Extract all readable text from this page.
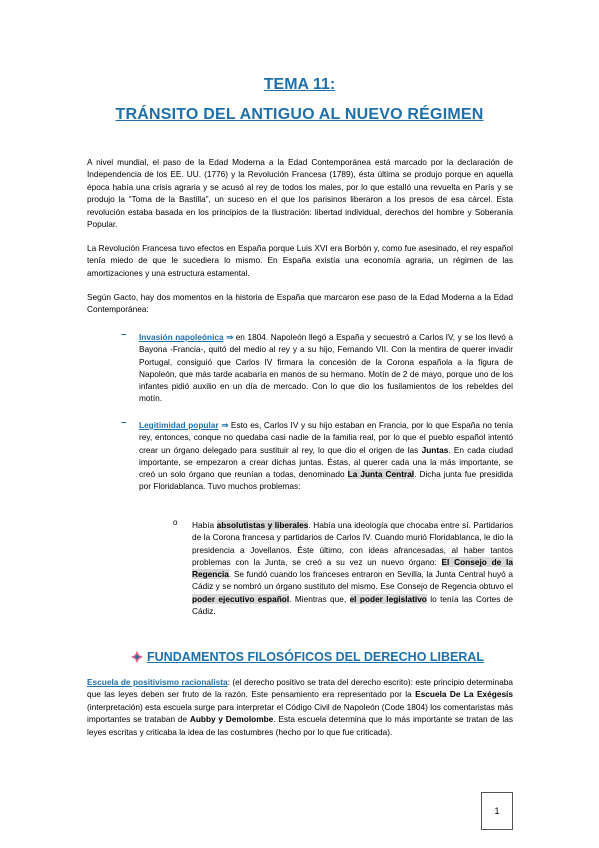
TEMA 11:
TRÁNSITO DEL ANTIGUO AL NUEVO RÉGIMEN
A nivel mundial, el paso de la Edad Moderna a la Edad Contemporánea está marcado por la declaración de Independencia de los EE. UU. (1776) y la Revolución Francesa (1789), ésta última se produjo porque en aquella época había una crisis agraria y se acusó al rey de todos los males, por lo que estalló una revuelta en París y se produjo la “Toma de la Bastilla”, un suceso en el que los parisinos liberaron a los presos de esa cárcel. Esta revolución estaba basada en los principios de la Ilustración: libertad individual, derechos del hombre y Soberanía Popular.
La Revolución Francesa tuvo efectos en España porque Luis XVI era Borbón y, como fue asesinado, el rey español tenía miedo de que le sucediera lo mismo. En España existía una economía agraria, un régimen de las amortizaciones y una estructura estamental.
Según Gacto, hay dos momentos en la historia de España que marcaron ese paso de la Edad Moderna a la Edad Contemporánea:
– Invasión napoleónica ⇒ en 1804. Napoleón llegó a España y secuestró a Carlos IV, y se los llevó a Bayona -Francia-, quitó del medio al rey y a su hijo, Fernando VII. Con la mentira de querer invadir Portugal, consiguió que Carlos IV firmara la concesión de la Corona española a la figura de Napoleón, que más tarde acabaría en manos de su hermano. Motín de 2 de mayo, porque uno de los infantes pidió auxilio en un día de mercado. Con lo que dio los fusilamientos de los rebeldes del motín.
– Legitimidad popular ⇒ Esto es, Carlos IV y su hijo estaban en Francia, por lo que España no tenía rey, entonces, conque no quedaba casi nadie de la familia real, por lo que el pueblo español intentó crear un órgano delegado para sustituir al rey, lo que dio el origen de las Juntas. En cada ciudad importante, se empezaron a crear dichas juntas. Éstas, al querer cada una la más importante, se creó un solo órgano que reunían a todas, denominado La Junta Central. Dicha junta fue presidida por Floridablanca. Tuvo muchos problemas:
o Había absolutistas y liberales. Había una ideología que chocaba entre sí. Partidarios de la Corona francesa y partidarios de Carlos IV. Cuando murió Floridablanca, le dio la presidencia a Jovellanos. Éste último, con ideas afrancesadas, al haber tantos problemas con la Junta, se creó a su vez un nuevo órgano: El Consejo de la Regencia. Se fundó cuando los franceses entraron en Sevilla, la Junta Central huyó a Cádiz y se nombró un órgano sustituto del mismo. Ese Consejo de Regencia obtuvo el poder ejecutivo español. Mientras que, el poder legislativo lo tenía las Cortes de Cádiz.
FUNDAMENTOS FILOSÓFICOS DEL DERECHO LIBERAL
Escuela de positivismo racionalista: (el derecho positivo se trata del derecho escrito): este principio determinaba que las leyes deben ser fruto de la razón. Este pensamiento era representado por la Escuela De La Exégesis (interpretación) esta escuela surge para interpretar el Código Civil de Napoleón (Code 1804) los comentaristas más importantes se trataban de Aubby y Demolombe. Esta escuela determina que lo más importante se tratan de las leyes escritas y criticaba la idea de las costumbres (hecho por lo que fue criticada).
1
